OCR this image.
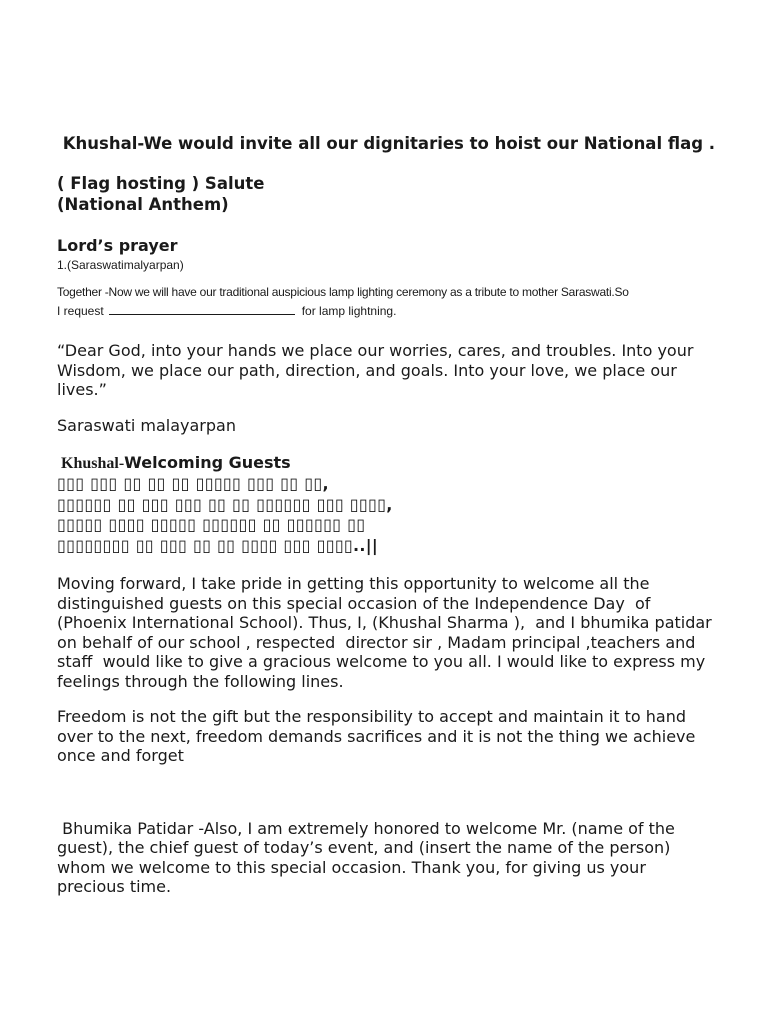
Khushal-We would invite all our dignitaries to hoist our National flag .
( Flag hosting ) Salute
(National Anthem)
Lord’s prayer
1.(Saraswatimalyarpan)
Together -Now we will have our traditional auspicious lamp lighting ceremony as a tribute to mother Saraswati.So
I request	for lamp lightning.
“Dear God, into your hands we place our worries, cares, and troubles. Into your Wisdom, we place our path, direction, and goals. Into your love, we place our lives.”
Saraswati malayarpan
Khushal-Welcoming Guests
▯▯▯ ▯▯▯ ▯▯ ▯▯ ▯▯ ▯▯▯▯▯ ▯▯▯ ▯▯ ▯▯,
▯▯▯▯▯▯ ▯▯ ▯▯▯ ▯▯▯ ▯▯ ▯▯ ▯▯▯▯▯▯ ▯▯▯ ▯▯▯▯,
▯▯▯▯▯ ▯▯▯▯ ▯▯▯▯▯ ▯▯▯▯▯▯ ▯▯ ▯▯▯▯▯▯ ▯▯
▯▯▯▯▯▯▯▯ ▯▯ ▯▯▯ ▯▯ ▯▯ ▯▯▯▯ ▯▯▯ ▯▯▯▯..||
Moving forward, I take pride in getting this opportunity to welcome all the distinguished guests on this special occasion of the Independence Day  of (Phoenix International School). Thus, I, (Khushal Sharma ),  and I bhumika patidar on behalf of our school , respected  director sir , Madam principal ,teachers and staff  would like to give a gracious welcome to you all. I would like to express my feelings through the following lines.
Freedom is not the gift but the responsibility to accept and maintain it to hand over to the next, freedom demands sacrifices and it is not the thing we achieve once and forget
Bhumika Patidar -Also, I am extremely honored to welcome Mr. (name of the guest), the chief guest of today’s event, and (insert the name of the person) whom we welcome to this special occasion. Thank you, for giving us your precious time.
